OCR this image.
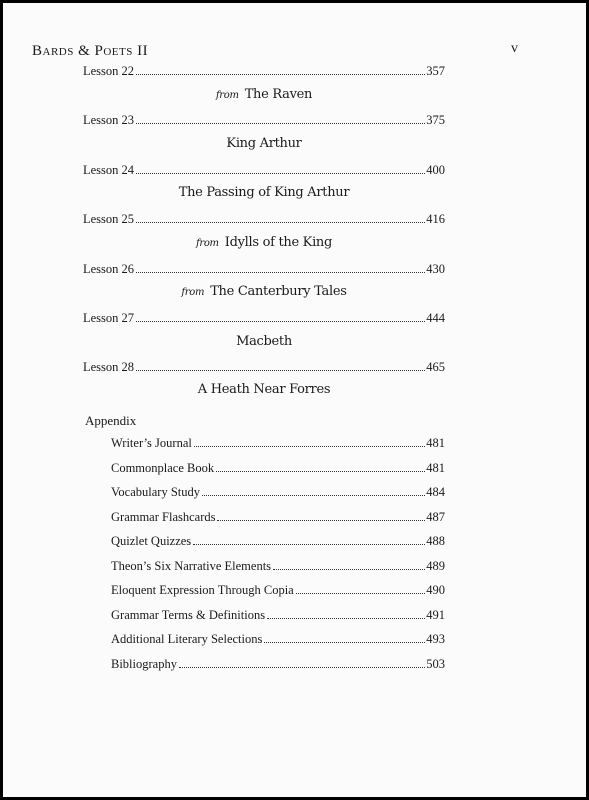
Bards & Poets II	v
Lesson 22	357
from The Raven
Lesson 23	375
King Arthur
Lesson 24	400
The Passing of King Arthur
Lesson 25	416
from Idylls of the King
Lesson 26	430
from The Canterbury Tales
Lesson 27	444
Macbeth
Lesson 28	465
A Heath Near Forres
Appendix
Writer’s Journal	481
Commonplace Book	481
Vocabulary Study	484
Grammar Flashcards	487
Quizlet Quizzes	488
Theon’s Six Narrative Elements	489
Eloquent Expression Through Copia	490
Grammar Terms & Definitions	491
Additional Literary Selections	493
Bibliography	503
